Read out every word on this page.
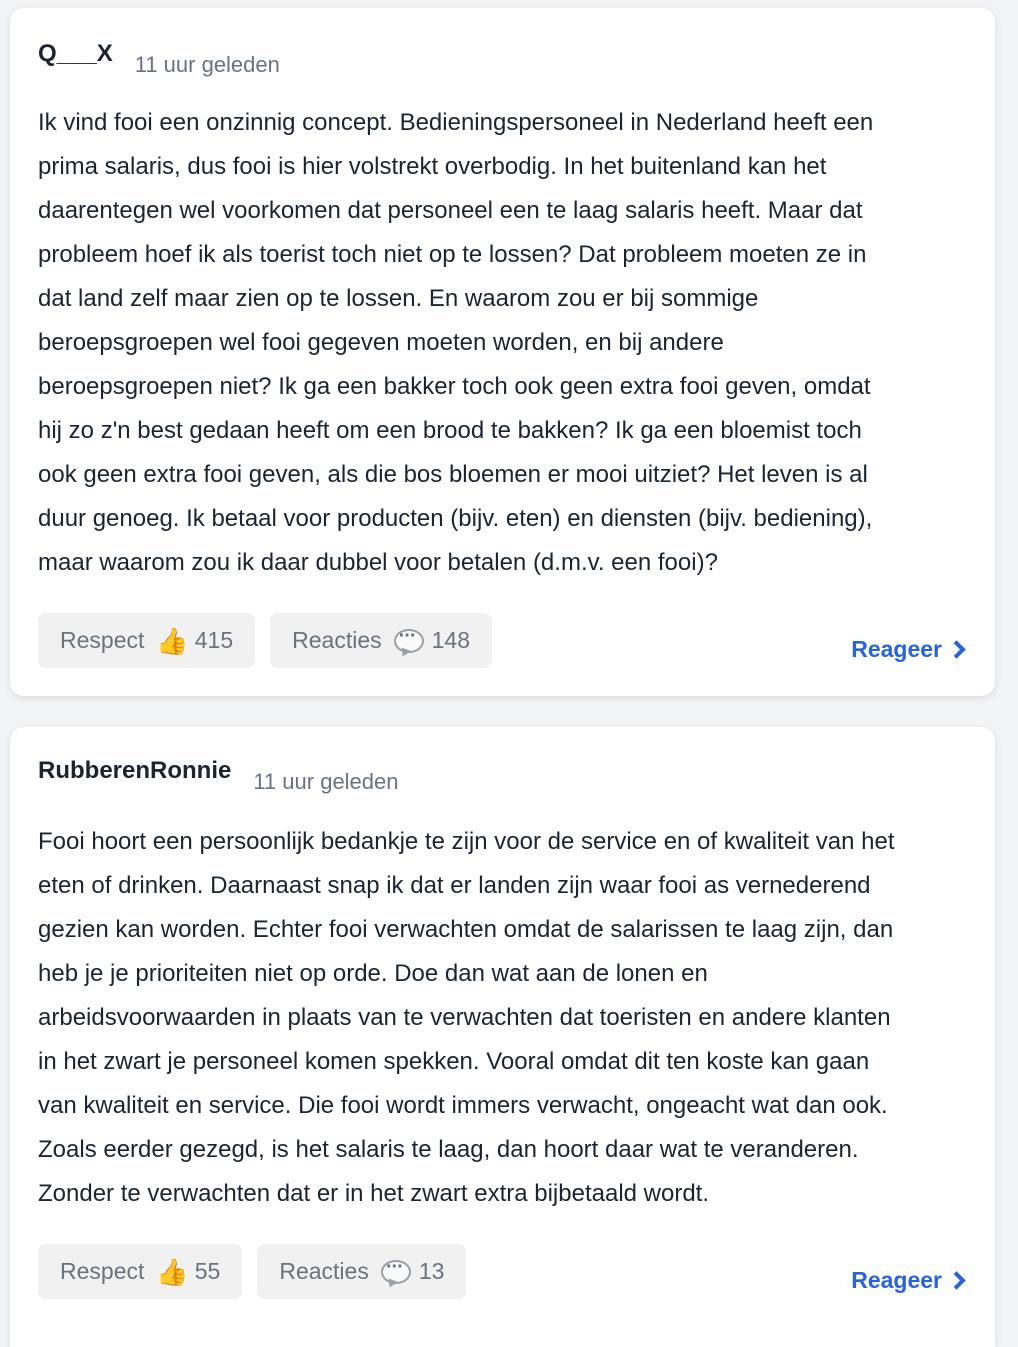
Q___X 11 uur geleden
Ik vind fooi een onzinnig concept. Bedieningspersoneel in Nederland heeft een
prima salaris, dus fooi is hier volstrekt overbodig. In het buitenland kan het
daarentegen wel voorkomen dat personeel een te laag salaris heeft. Maar dat
probleem hoef ik als toerist toch niet op te lossen? Dat probleem moeten ze in
dat land zelf maar zien op te lossen. En waarom zou er bij sommige
beroepsgroepen wel fooi gegeven moeten worden, en bij andere
beroepsgroepen niet? Ik ga een bakker toch ook geen extra fooi geven, omdat
hij zo z'n best gedaan heeft om een brood te bakken? Ik ga een bloemist toch
ook geen extra fooi geven, als die bos bloemen er mooi uitziet? Het leven is al
duur genoeg. Ik betaal voor producten (bijv. eten) en diensten (bijv. bediening),
maar waarom zou ik daar dubbel voor betalen (d.m.v. een fooi)?
Respect 👍 415	Reacties ··· 148	Reageer
RubberenRonnie 11 uur geleden
Fooi hoort een persoonlijk bedankje te zijn voor de service en of kwaliteit van het
eten of drinken. Daarnaast snap ik dat er landen zijn waar fooi as vernederend
gezien kan worden. Echter fooi verwachten omdat de salarissen te laag zijn, dan
heb je je prioriteiten niet op orde. Doe dan wat aan de lonen en
arbeidsvoorwaarden in plaats van te verwachten dat toeristen en andere klanten
in het zwart je personeel komen spekken. Vooral omdat dit ten koste kan gaan
van kwaliteit en service. Die fooi wordt immers verwacht, ongeacht wat dan ook.
Zoals eerder gezegd, is het salaris te laag, dan hoort daar wat te veranderen.
Zonder te verwachten dat er in het zwart extra bijbetaald wordt.
Respect 👍 55	Reacties ··· 13	Reageer
